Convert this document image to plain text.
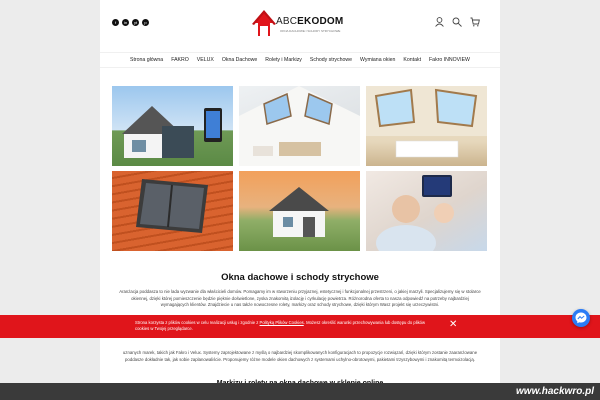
f	in	yt	p	ABCEKODOM
OKNA DACHOWE I SCHODY STRYCHOWE
Strona główna FAKRO VELUX Okna Dachowe Rolety i Markizy Schody strychowe Wymiana okien Kontakt Fakro INNOVIEW
Okna dachowe i schody strychowe

Aranżacja poddasza to nie lada wyzwanie dla właścicieli domów. Pomagamy im w stworzeniu przyjaznej, estetycznej i funkcjonalnej przestrzeni, o jakiej marzyli. Specjalizujemy się w stolarce okiennej, dzięki której pomieszczenie będzie pięknie doświetlone, zyska znakomitą izolację i cyrkulację powietrza. Różnorodna oferta to nasza odpowiedź na potrzeby najbardziej wymagających klientów. Znajdziecie u nas także nowoczesne rolety, markizy oraz schody strychowe, dzięki którym Wasz projekt się urzeczywistni.

uznanych marek, takich jak Fakro i Velux. Systemy zaprojektowane z myślą o najbardziej skomplikowanych konfiguracjach to propozycje rozwiązań, dzięki którym zostanie zaaranżowane poddasze dokładnie tak, jak sobie zaplanowaliście. Proponujemy różne modele okien dachowych z systemami uchylno-obrotowymi, pakietami trzyszybowymi i znakomitą termoizolacją.

Strona korzysta z plików cookies w celu realizacji usług i zgodnie z Polityką Plików Cookies. Możesz określić warunki przechowywania lub dostępu do plików cookies w Twojej przeglądarce.	✕
www.hackwro.pl
